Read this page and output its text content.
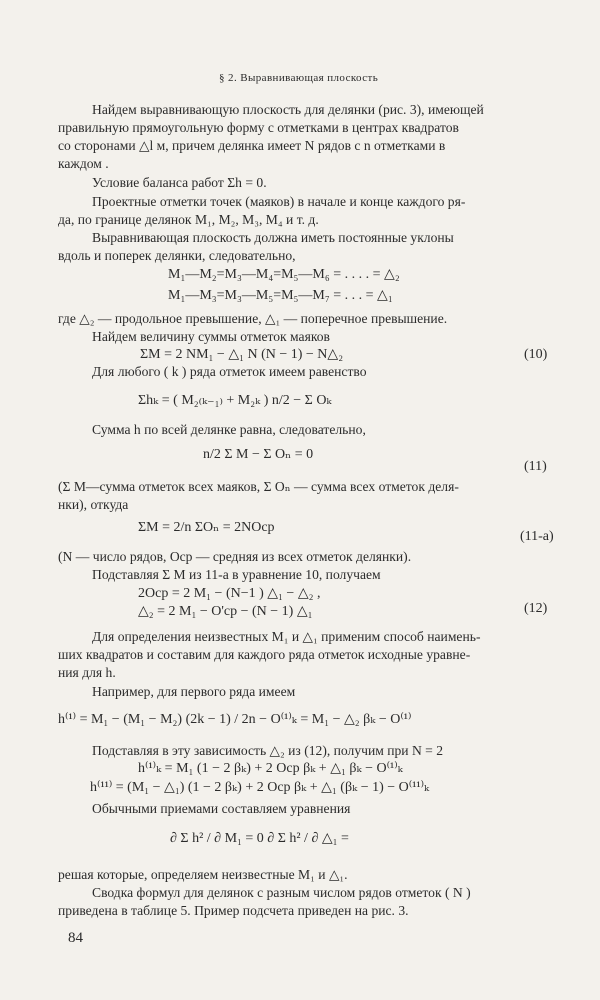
§ 2. Выравнивающая плоскость
Найдем выравнивающую плоскость для делянки (рис. 3), имеющей
правильную прямоугольную форму с отметками в центрах квадратов
со сторонами △l м, причем делянка имеет N рядов с n отметками в
каждом .
Условие баланса работ Σh = 0.
Проектные отметки точек (маяков) в начале и конце каждого ря-
да, по границе делянок M₁, M₂, M₃, M₄ и т. д.
Выравнивающая плоскость должна иметь постоянные уклоны
вдоль и поперек делянки, следовательно,
M₁—M₂=M₃—M₄=M₅—M₆ = . . . . = △₂
M₁—M₃=M₃—M₅=M₅—M₇ = . . . = △₁
где △₂ — продольное превышение, △₁ — поперечное превышение.
Найдем величину суммы отметок маяков
ΣM = 2 NM₁ − △₁ N (N − 1) − N△₂	(10)
Для любого ( k ) ряда отметок имеем равенство
Σhₖ = ( M₂₍ₖ₋₁₎ + M₂ₖ ) n/2 − Σ Oₖ
Сумма h по всей делянке равна, следовательно,
n/2 Σ M − Σ Oₙ = 0
(11)
(Σ M—сумма отметок всех маяков, Σ Oₙ — сумма всех отметок деля-
нки), откуда
ΣM = 2/n ΣOₙ = 2NOср
(11-а)
(N — число рядов, Оср — средняя из всех отметок делянки).
Подставляя Σ M из 11-а в уравнение 10, получаем
2Oср = 2 M₁ − (N−1 ) △₁ − △₂ ,
△₂ = 2 M₁ − O'ср − (N − 1) △₁	(12)
Для определения неизвестных M₁ и △₁ применим способ наимень-
ших квадратов и составим для каждого ряда отметок исходные уравне-
ния для h.
Например, для первого ряда имеем
h⁽¹⁾ = M₁ − (M₁ − M₂) (2k − 1) / 2n − O⁽¹⁾ₖ = M₁ − △₂ βₖ − O⁽¹⁾
Подставляя в эту зависимость △₂ из (12), получим при N = 2
h⁽¹⁾ₖ = M₁ (1 − 2 βₖ) + 2 Oср βₖ + △₁ βₖ − O⁽¹⁾ₖ
h⁽¹¹⁾ = (M₁ − △₁) (1 − 2 βₖ) + 2 Oср βₖ + △₁ (βₖ − 1) − O⁽¹¹⁾ₖ
Обычными приемами составляем уравнения
∂ Σ h² / ∂ M₁ = 0 ∂ Σ h² / ∂ △₁ =
решая которые, определяем неизвестные M₁ и △₁.
Сводка формул для делянок с разным числом рядов отметок ( N )
приведена в таблице 5. Пример подсчета приведен на рис. 3.
84
